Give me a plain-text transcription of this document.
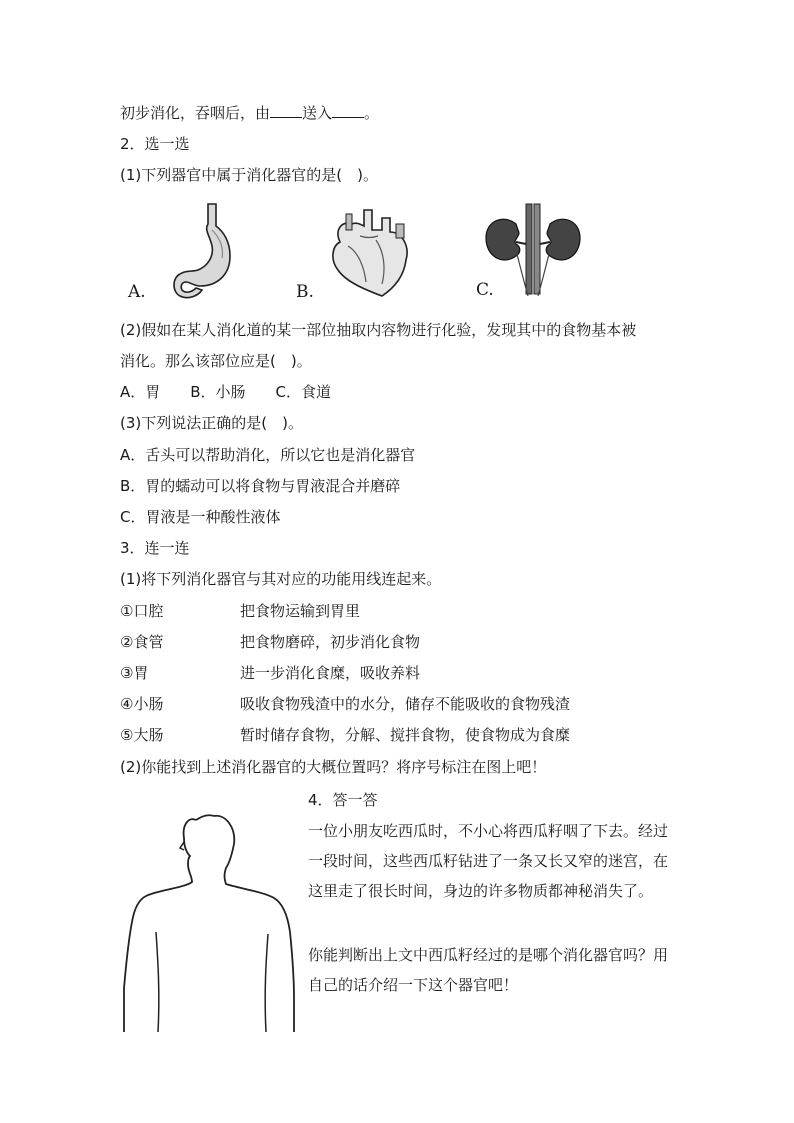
初步消化，吞咽后，由 送入 。
2．选一选
(1)下列器官中属于消化器官的是(　)。
A.	B.	C.
(2)假如在某人消化道的某一部位抽取内容物进行化验，发现其中的食物基本被
消化。那么该部位应是(　)。
A．胃　　B．小肠　　C．食道
(3)下列说法正确的是(　)。
A．舌头可以帮助消化，所以它也是消化器官
B．胃的蠕动可以将食物与胃液混合并磨碎
C．胃液是一种酸性液体
3．连一连
(1)将下列消化器官与其对应的功能用线连起来。
①口腔	把食物运输到胃里
②食管	把食物磨碎，初步消化食物
③胃	进一步消化食糜，吸收养料
④小肠	吸收食物残渣中的水分，储存不能吸收的食物残渣
⑤大肠	暂时储存食物，分解、搅拌食物，使食物成为食糜
(2)你能找到上述消化器官的大概位置吗？将序号标注在图上吧！
4．答一答
一位小朋友吃西瓜时，不小心将西瓜籽咽了下去。经过一段时间，这些西瓜籽钻进了一条又长又窄的迷宫，在这里走了很长时间，身边的许多物质都神秘消失了。
你能判断出上文中西瓜籽经过的是哪个消化器官吗？用自己的话介绍一下这个器官吧！
